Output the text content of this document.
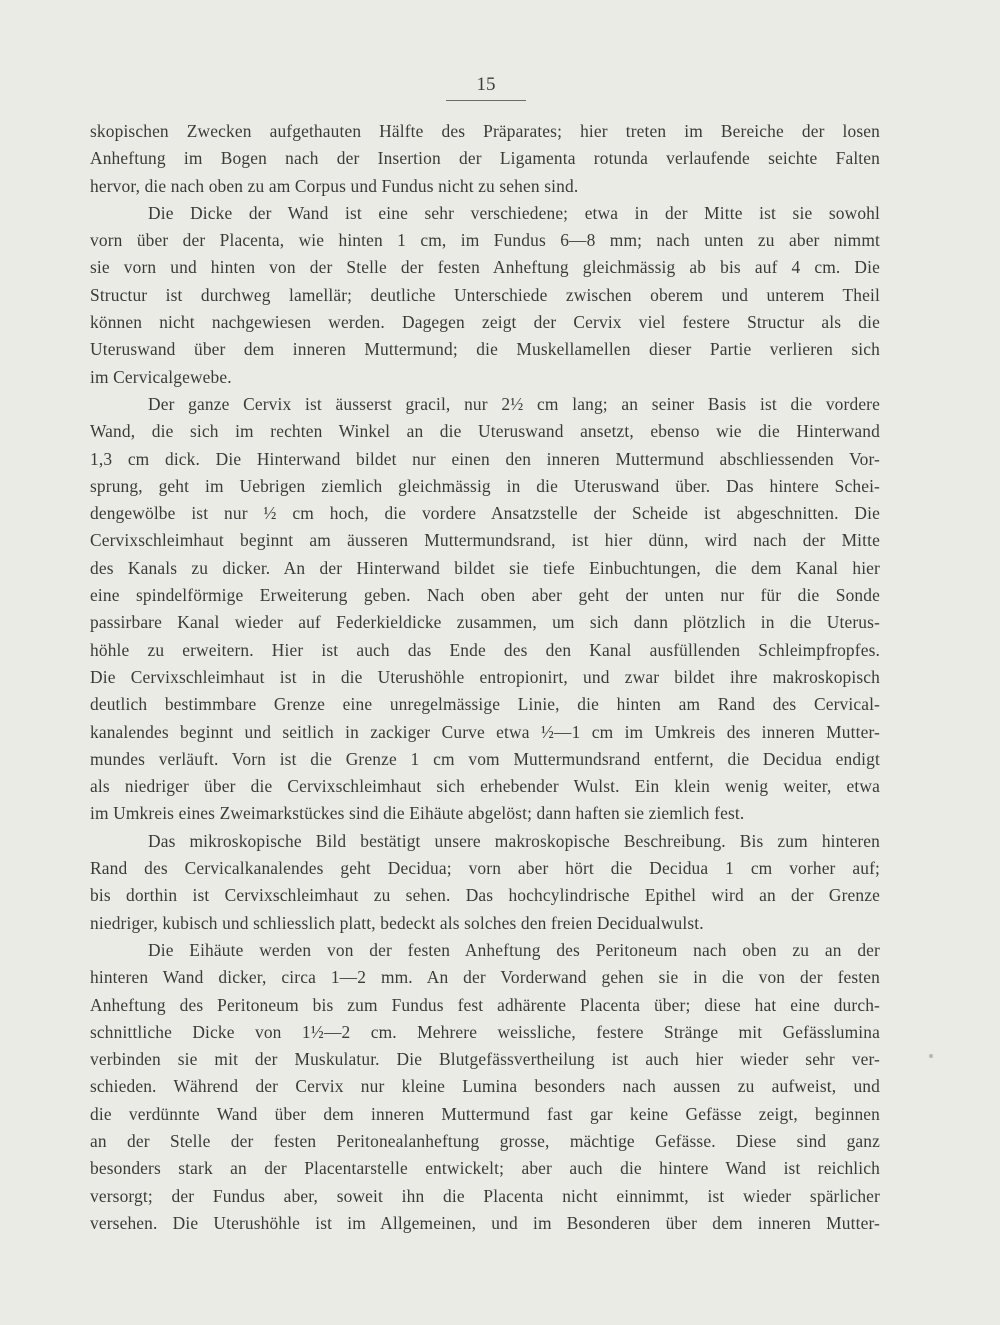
15
skopischen Zwecken aufgethauten Hälfte des Präparates; hier treten im Bereiche der losen
Anheftung im Bogen nach der Insertion der Ligamenta rotunda verlaufende seichte Falten
hervor, die nach oben zu am Corpus und Fundus nicht zu sehen sind.
Die Dicke der Wand ist eine sehr verschiedene; etwa in der Mitte ist sie sowohl
vorn über der Placenta, wie hinten 1 cm, im Fundus 6—8 mm; nach unten zu aber nimmt
sie vorn und hinten von der Stelle der festen Anheftung gleichmässig ab bis auf 4 cm. Die
Structur ist durchweg lamellär; deutliche Unterschiede zwischen oberem und unterem Theil
können nicht nachgewiesen werden. Dagegen zeigt der Cervix viel festere Structur als die
Uteruswand über dem inneren Muttermund; die Muskellamellen dieser Partie verlieren sich
im Cervicalgewebe.
Der ganze Cervix ist äusserst gracil, nur 2½ cm lang; an seiner Basis ist die vordere
Wand, die sich im rechten Winkel an die Uteruswand ansetzt, ebenso wie die Hinterwand
1,3 cm dick. Die Hinterwand bildet nur einen den inneren Muttermund abschliessenden Vor-
sprung, geht im Uebrigen ziemlich gleichmässig in die Uteruswand über. Das hintere Schei-
dengewölbe ist nur ½ cm hoch, die vordere Ansatzstelle der Scheide ist abgeschnitten. Die
Cervixschleimhaut beginnt am äusseren Muttermundsrand, ist hier dünn, wird nach der Mitte
des Kanals zu dicker. An der Hinterwand bildet sie tiefe Einbuchtungen, die dem Kanal hier
eine spindelförmige Erweiterung geben. Nach oben aber geht der unten nur für die Sonde
passirbare Kanal wieder auf Federkieldicke zusammen, um sich dann plötzlich in die Uterus-
höhle zu erweitern. Hier ist auch das Ende des den Kanal ausfüllenden Schleimpfropfes.
Die Cervixschleimhaut ist in die Uterushöhle entropionirt, und zwar bildet ihre makroskopisch
deutlich bestimmbare Grenze eine unregelmässige Linie, die hinten am Rand des Cervical-
kanalendes beginnt und seitlich in zackiger Curve etwa ½—1 cm im Umkreis des inneren Mutter-
mundes verläuft. Vorn ist die Grenze 1 cm vom Muttermundsrand entfernt, die Decidua endigt
als niedriger über die Cervixschleimhaut sich erhebender Wulst. Ein klein wenig weiter, etwa
im Umkreis eines Zweimarkstückes sind die Eihäute abgelöst; dann haften sie ziemlich fest.
Das mikroskopische Bild bestätigt unsere makroskopische Beschreibung. Bis zum hinteren
Rand des Cervicalkanalendes geht Decidua; vorn aber hört die Decidua 1 cm vorher auf;
bis dorthin ist Cervixschleimhaut zu sehen. Das hochcylindrische Epithel wird an der Grenze
niedriger, kubisch und schliesslich platt, bedeckt als solches den freien Decidualwulst.
Die Eihäute werden von der festen Anheftung des Peritoneum nach oben zu an der
hinteren Wand dicker, circa 1—2 mm. An der Vorderwand gehen sie in die von der festen
Anheftung des Peritoneum bis zum Fundus fest adhärente Placenta über; diese hat eine durch-
schnittliche Dicke von 1½—2 cm. Mehrere weissliche, festere Stränge mit Gefässlumina
verbinden sie mit der Muskulatur. Die Blutgefässvertheilung ist auch hier wieder sehr ver-
schieden. Während der Cervix nur kleine Lumina besonders nach aussen zu aufweist, und
die verdünnte Wand über dem inneren Muttermund fast gar keine Gefässe zeigt, beginnen
an der Stelle der festen Peritonealanheftung grosse, mächtige Gefässe. Diese sind ganz
besonders stark an der Placentarstelle entwickelt; aber auch die hintere Wand ist reichlich
versorgt; der Fundus aber, soweit ihn die Placenta nicht einnimmt, ist wieder spärlicher
versehen. Die Uterushöhle ist im Allgemeinen, und im Besonderen über dem inneren Mutter-
